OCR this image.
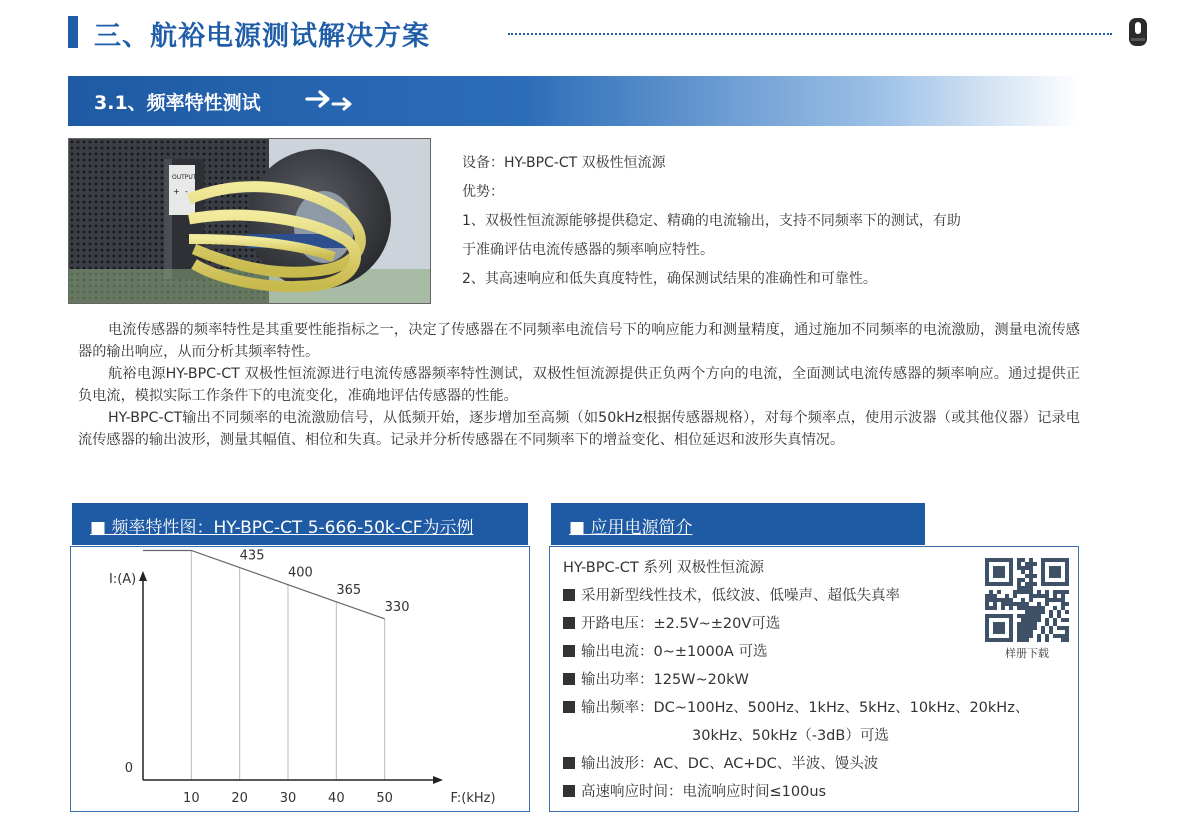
三、航裕电源测试解决方案
3.1、频率特性测试
OUTPUT
+ -

设备：HY-BPC-CT 双极性恒流源

优势：

1、双极性恒流源能够提供稳定、精确的电流输出，支持不同频率下的测试，有助

于准确评估电流传感器的频率响应特性。

2、其高速响应和低失真度特性，确保测试结果的准确性和可靠性。

电流传感器的频率特性是其重要性能指标之一，决定了传感器在不同频率电流信号下的响应能力和测量精度，通过施加不同频率的电流激励，测量电流传感器的输出响应，从而分析其频率特性。

航裕电源HY-BPC-CT 双极性恒流源进行电流传感器频率特性测试，双极性恒流源提供正负两个方向的电流，全面测试电流传感器的频率响应。通过提供正负电流，模拟实际工作条件下的电流变化，准确地评估传感器的性能。

HY-BPC-CT输出不同频率的电流激励信号，从低频开始，逐步增加至高频（如50kHz根据传感器规格），对每个频率点，使用示波器（或其他仪器）记录电流传感器的输出波形，测量其幅值、相位和失真。记录并分析传感器在不同频率下的增益变化、相位延迟和波形失真情况。

■ 频率特性图：HY-BPC-CT 5-666-50k-CF为示例
435
400
365
330
10 20 30 40 50
0
I:(A)
F:(kHz)
■ 应用电源简介
HY-BPC-CT 系列 双极性恒流源
采用新型线性技术，低纹波、低噪声、超低失真率
开路电压：±2.5V~±20V可选
输出电流：0~±1000A 可选
输出功率：125W~20kW
输出频率：DC~100Hz、500Hz、1kHz、5kHz、10kHz、20kHz、
30kHz、50kHz（-3dB）可选
输出波形：AC、DC、AC+DC、半波、馒头波
高速响应时间：电流响应时间≤100us
样册下载
